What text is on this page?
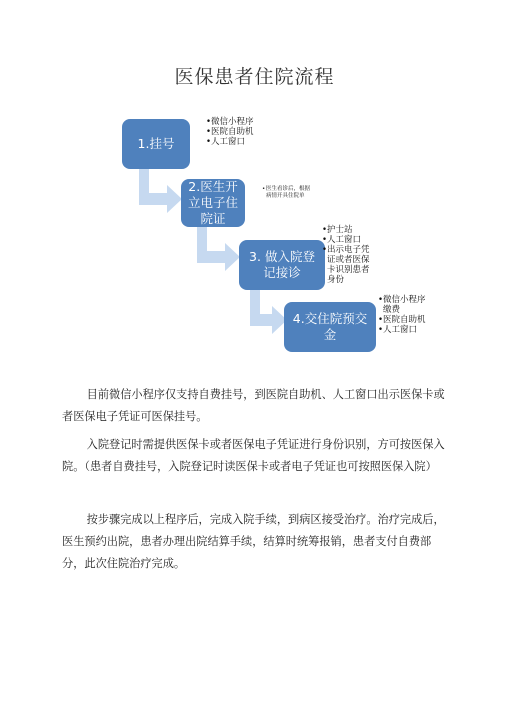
医保患者住院流程
1.挂号
• 微信小程序
• 医院自助机
• 人工窗口
2.医生开立电子住院证
• 医生看诊后，根据病情开具住院单
3. 做入院登记接诊
• 护士站
• 人工窗口
• 出示电子凭证或者医保卡识别患者身份
4.交住院预交金
• 微信小程序缴费
• 医院自助机
• 人工窗口

目前微信小程序仅支持自费挂号，到医院自助机、人工窗口出示医保卡或者医保电子凭证可医保挂号。

入院登记时需提供医保卡或者医保电子凭证进行身份识别，方可按医保入院。（患者自费挂号，入院登记时读医保卡或者电子凭证也可按照医保入院）

按步骤完成以上程序后，完成入院手续，到病区接受治疗。治疗完成后，医生预约出院，患者办理出院结算手续，结算时统筹报销，患者支付自费部分，此次住院治疗完成。
